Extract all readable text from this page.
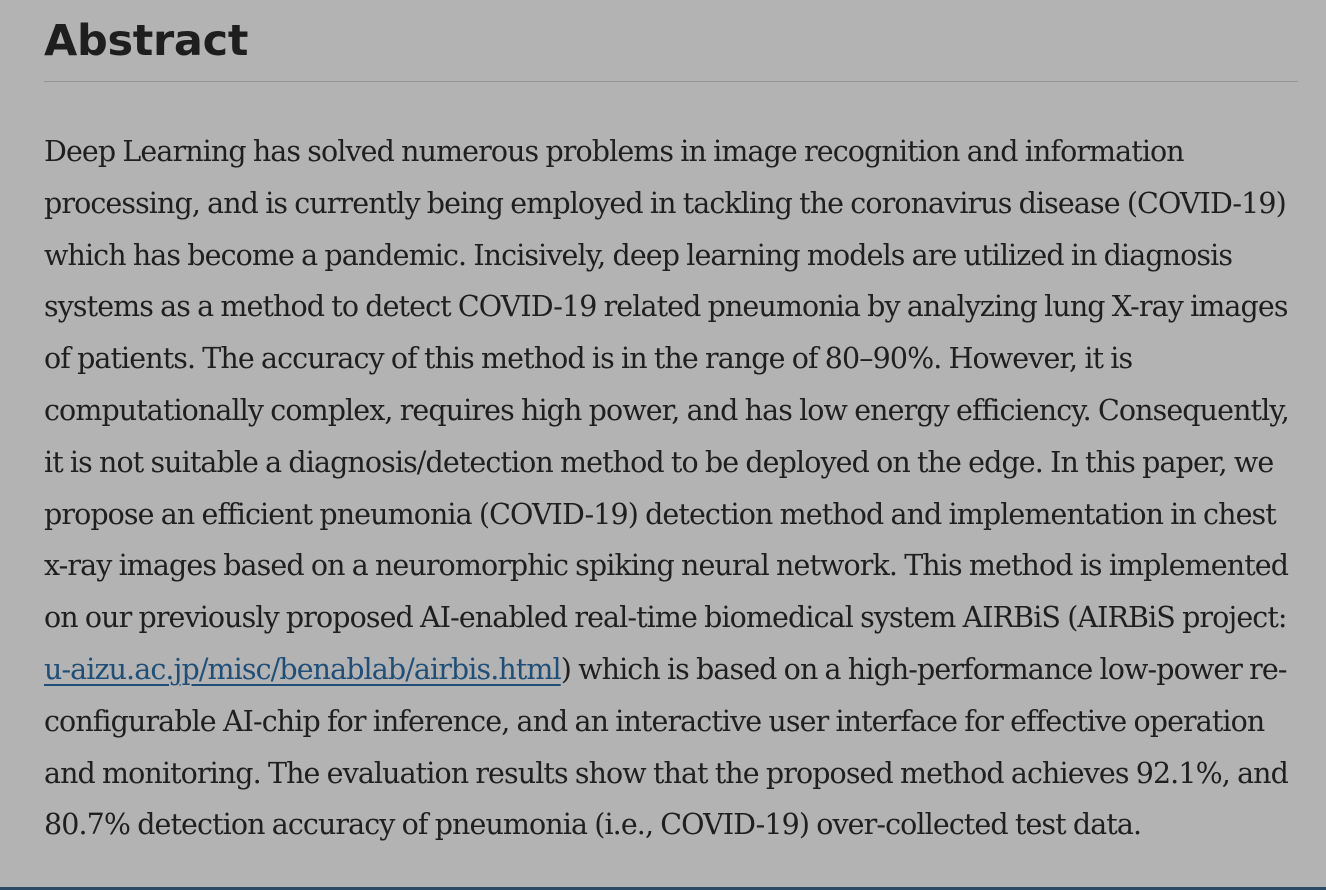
Abstract

Deep Learning has solved numerous problems in image recognition and information processing, and is currently being employed in tackling the coronavirus disease (COVID-19) which has become a pandemic. Incisively, deep learning models are utilized in diagnosis systems as a method to detect COVID-19 related pneumonia by analyzing lung X-ray images of patients. The accuracy of this method is in the range of 80–90%. However, it is computationally complex, requires high power, and has low energy efficiency. Consequently, it is not suitable a diagnosis/detection method to be deployed on the edge. In this paper, we propose an efficient pneumonia (COVID-19) detection method and implementation in chest x-ray images based on a neuromorphic spiking neural network. This method is implemented on our previously proposed AI-enabled real-time biomedical system AIRBiS (AIRBiS project: u-aizu.ac.jp/misc/benablab/airbis.html) which is based on a high-performance low-power re-configurable AI-chip for inference, and an interactive user interface for effective operation and monitoring. The evaluation results show that the proposed method achieves 92.1%, and 80.7% detection accuracy of pneumonia (i.e., COVID-19) over-collected test data.
